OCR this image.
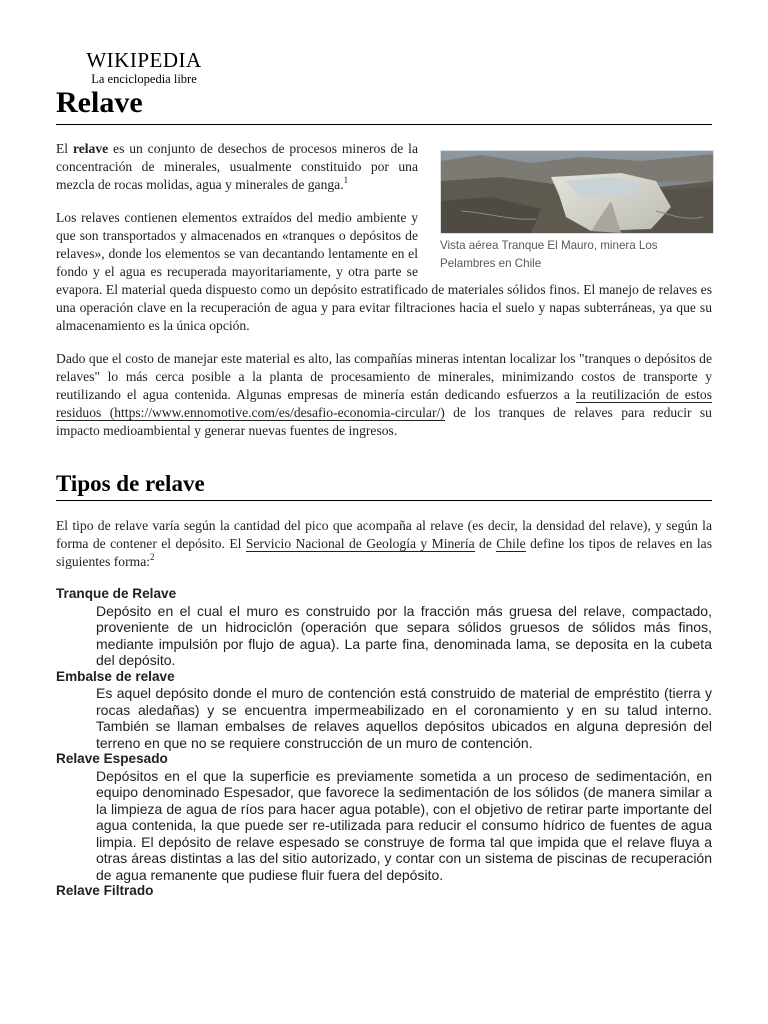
WIKIPEDIA
La enciclopedia libre
Relave
Vista aérea Tranque El Mauro, minera Los Pelambres en Chile

El relave es un conjunto de desechos de procesos mineros de la concentración de minerales, usualmente constituido por una mezcla de rocas molidas, agua y minerales de ganga.$^1$

Los relaves contienen elementos extraídos del medio ambiente y que son transportados y almacenados en «tranques o depósitos de relaves», donde los elementos se van decantando lentamente en el fondo y el agua es recuperada mayoritariamente, y otra parte se evapora. El material queda dispuesto como un depósito estratificado de materiales sólidos finos. El manejo de relaves es una operación clave en la recuperación de agua y para evitar filtraciones hacia el suelo y napas subterráneas, ya que su almacenamiento es la única opción.

Dado que el costo de manejar este material es alto, las compañías mineras intentan localizar los "tranques o depósitos de relaves" lo más cerca posible a la planta de procesamiento de minerales, minimizando costos de transporte y reutilizando el agua contenida. Algunas empresas de minería están dedicando esfuerzos a la reutilización de estos residuos (https://www.ennomotive.com/es/desafio-economia-circular/) de los tranques de relaves para reducir su impacto medioambiental y generar nuevas fuentes de ingresos.

Tipos de relave

El tipo de relave varía según la cantidad del pico que acompaña al relave (es decir, la densidad del relave), y según la forma de contener el depósito. El Servicio Nacional de Geología y Minería de Chile define los tipos de relaves en las siguientes forma:$^2$

Tranque de Relave
Depósito en el cual el muro es construido por la fracción más gruesa del relave, compactado, proveniente de un hidrociclón (operación que separa sólidos gruesos de sólidos más finos, mediante impulsión por flujo de agua). La parte fina, denominada lama, se deposita en la cubeta del depósito.
Embalse de relave
Es aquel depósito donde el muro de contención está construido de material de empréstito (tierra y rocas aledañas) y se encuentra impermeabilizado en el coronamiento y en su talud interno. También se llaman embalses de relaves aquellos depósitos ubicados en alguna depresión del terreno en que no se requiere construcción de un muro de contención.
Relave Espesado
Depósitos en el que la superficie es previamente sometida a un proceso de sedimentación, en equipo denominado Espesador, que favorece la sedimentación de los sólidos (de manera similar a la limpieza de agua de ríos para hacer agua potable), con el objetivo de retirar parte importante del agua contenida, la que puede ser re-utilizada para reducir el consumo hídrico de fuentes de agua limpia. El depósito de relave espesado se construye de forma tal que impida que el relave fluya a otras áreas distintas a las del sitio autorizado, y contar con un sistema de piscinas de recuperación de agua remanente que pudiese fluir fuera del depósito.
Relave Filtrado
